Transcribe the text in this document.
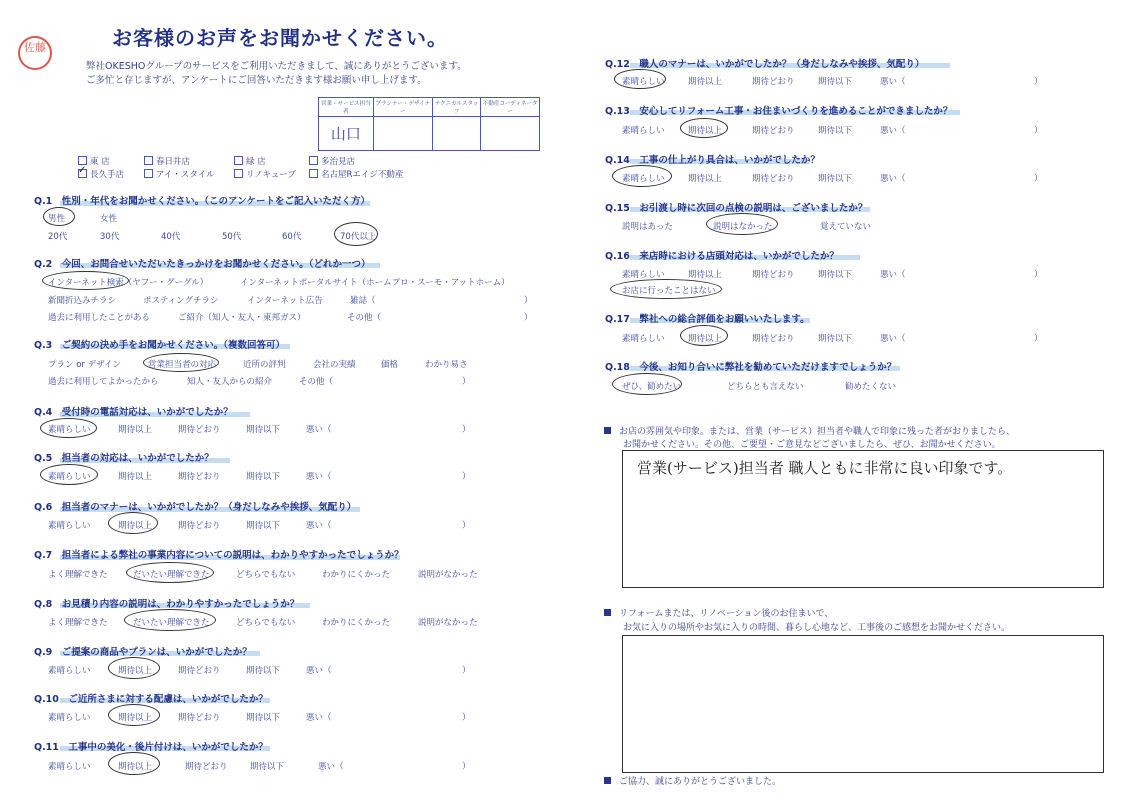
お客様のお声をお聞かせください。
佐藤
弊社OKESHOグループのサービスをご利用いただきまして、誠にありがとうございます。
ご多忙と存じますが、アンケートにご回答いただきます様お願い申し上げます。
営業・サービス担当者	プランナー・デザイナー	テクニカルスタッフ	不動産コーディネーター
山口			
東 店	春日井店	緑 店	多治見店
✓長久手店	アイ・スタイル	リノキューブ	名古屋Rエイジ不動産
Q.1　性別・年代をお聞かせください。（このアンケートをご記入いただく方）
男性	女性
20代	30代	40代	50代	60代	70代以上
Q.2　今回、お問合せいただいたきっかけをお聞かせください。（どれか一つ）
インターネット検索（ヤフー・グーグル）	インターネットポータルサイト（ホームプロ・スーモ・アットホーム）
新聞折込みチラシ	ポスティングチラシ	インターネット広告	雑誌（	）
過去に利用したことがある	ご紹介（知人・友人・東邦ガス）	その他（	）
Q.3　ご契約の決め手をお聞かせください。（複数回答可）
プラン or デザイン	営業担当者の対応	近所の評判	会社の実績	価格	わかり易さ
過去に利用してよかったから	知人・友人からの紹介	その他（	）
Q.4　受付時の電話対応は、いかがでしたか？
素晴らしい	期待以上	期待どおり	期待以下	悪い（	）
Q.5　担当者の対応は、いかがでしたか？
素晴らしい	期待以上	期待どおり	期待以下	悪い（	）
Q.6　担当者のマナーは、いかがでしたか？（身だしなみや挨拶、気配り）
素晴らしい	期待以上	期待どおり	期待以下	悪い（	）
Q.7　担当者による弊社の事業内容についての説明は、わかりやすかったでしょうか？
よく理解できた	だいたい理解できた	どちらでもない	わかりにくかった	説明がなかった
Q.8　お見積り内容の説明は、わかりやすかったでしょうか？
よく理解できた	だいたい理解できた	どちらでもない	わかりにくかった	説明がなかった
Q.9　ご提案の商品やプランは、いかがでしたか？
素晴らしい	期待以上	期待どおり	期待以下	悪い（	）
Q.10　ご近所さまに対する配慮は、いかがでしたか？
素晴らしい	期待以上	期待どおり	期待以下	悪い（	）
Q.11　工事中の美化・後片付けは、いかがでしたか？
素晴らしい	期待以上	期待どおり	期待以下	悪い（	）
Q.12　職人のマナーは、いかがでしたか？（身だしなみや挨拶、気配り）
素晴らしい	期待以上	期待どおり	期待以下	悪い（	）
Q.13　安心してリフォーム工事・お住まいづくりを進めることができましたか？
素晴らしい	期待以上	期待どおり	期待以下	悪い（	）
Q.14　工事の仕上がり具合は、いかがでしたか？
素晴らしい	期待以上	期待どおり	期待以下	悪い（	）
Q.15　お引渡し時に次回の点検の説明は、ございましたか？
説明はあった	説明はなかった	覚えていない
Q.16　来店時における店頭対応は、いかがでしたか？
素晴らしい	期待以上	期待どおり	期待以下	悪い（	）
お店に行ったことはない
Q.17　弊社への総合評価をお願いいたします。
素晴らしい	期待以上	期待どおり	期待以下	悪い（	）
Q.18　今後、お知り合いに弊社を勧めていただけますでしょうか？
ぜひ、勧めたい	どちらとも言えない	勧めたくない
お店の雰囲気や印象。または、営業（サービス）担当者や職人で印象に残った者がおりましたら、
お聞かせください。その他、ご要望・ご意見などございましたら、ぜひ、お聞かせください。
営業(サービス)担当者 職人ともに非常に良い印象です。
リフォームまたは、リノベーション後のお住まいで、
お気に入りの場所やお気に入りの時間、暮らし心地など、工事後のご感想をお聞かせください。
ご協力、誠にありがとうございました。
